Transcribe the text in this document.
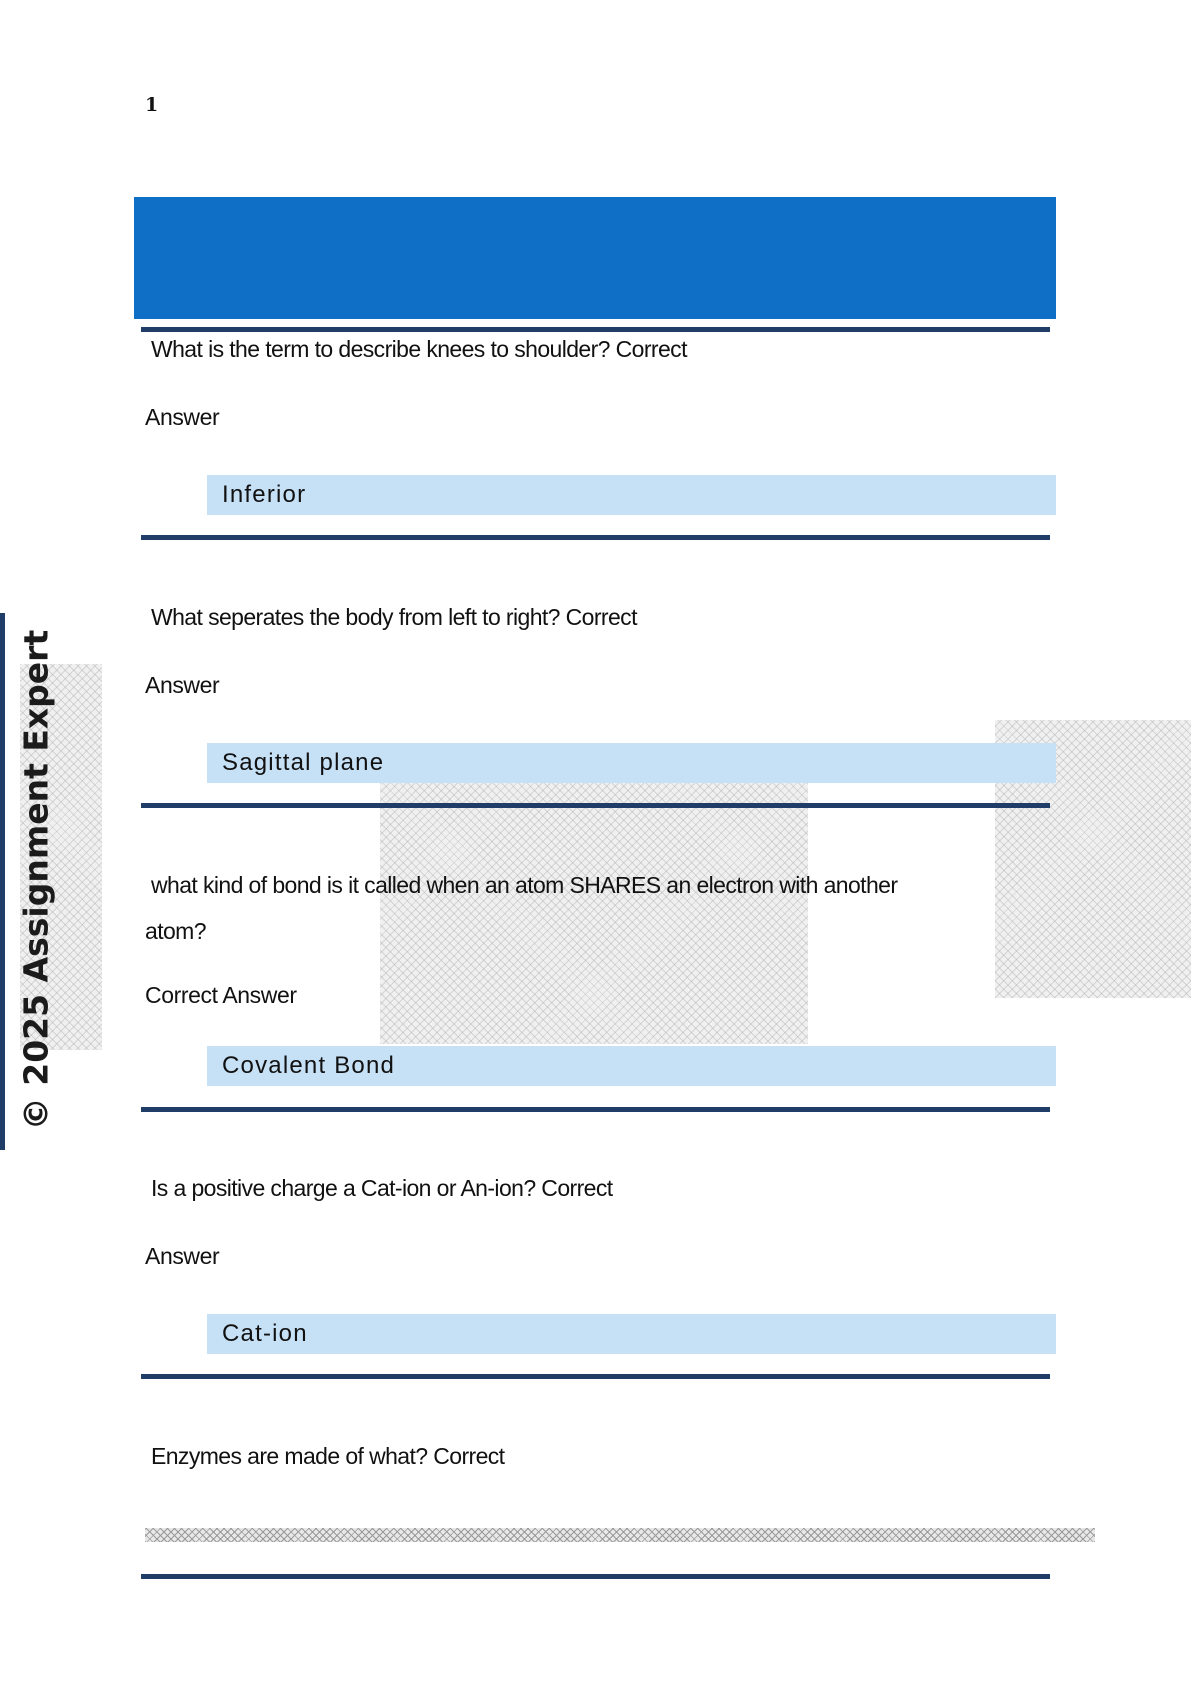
© 2025 Assignment Expert
1
What is the term to describe knees to shoulder? Correct
Answer
Inferior
What seperates the body from left to right? Correct
Answer
Sagittal plane
what kind of bond is it called when an atom SHARES an electron with another
atom?
Correct Answer
Covalent Bond
Is a positive charge a Cat-ion or An-ion? Correct
Answer
Cat-ion
Enzymes are made of what? Correct
